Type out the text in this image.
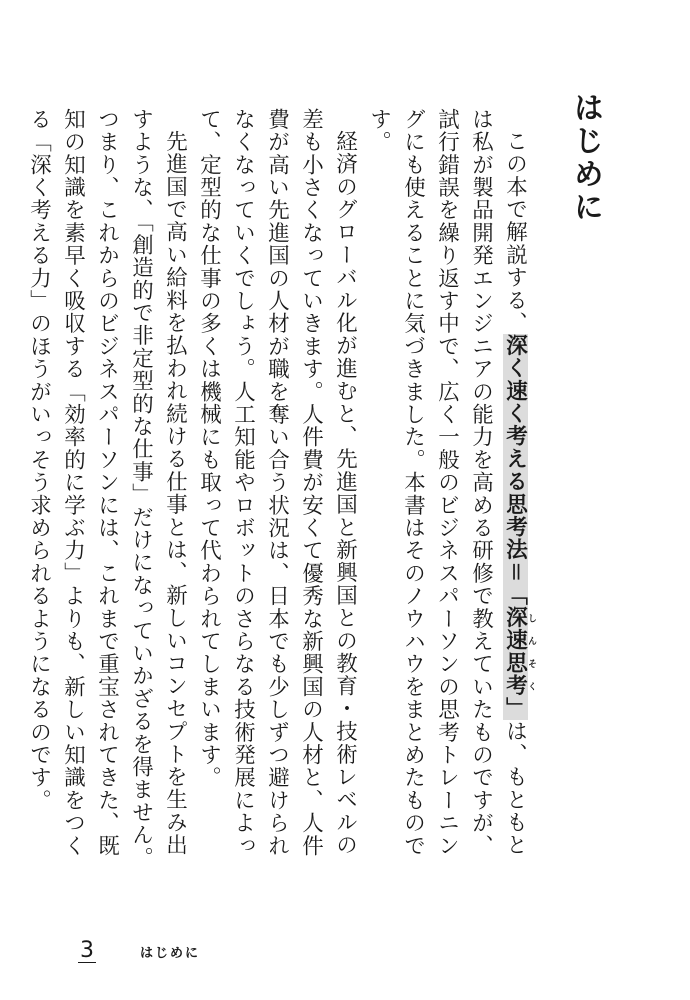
はじめに

この本で解説する、深く速く考える思考法＝「深速思考しんそく」は、もともとは私が製品開発エンジニアの能力を高める研修で教えていたものですが、試行錯誤を繰り返す中で、広く一般のビジネスパーソンの思考トレーニングにも使えることに気づきました。本書はそのノウハウをまとめたものです。

経済のグローバル化が進むと、先進国と新興国との教育・技術レベルの差も小さくなっていきます。人件費が安くて優秀な新興国の人材と、人件費が高い先進国の人材が職を奪い合う状況は、日本でも少しずつ避けられなくなっていくでしょう。人工知能やロボットのさらなる技術発展によって、定型的な仕事の多くは機械にも取って代わられてしまいます。

先進国で高い給料を払われ続ける仕事とは、新しいコンセプトを生み出すような、「創造的で非定型的な仕事」だけになっていかざるを得ません。つまり、これからのビジネスパーソンには、これまで重宝されてきた、既知の知識を素早く吸収する「効率的に学ぶ力」よりも、新しい知識をつくる「深く考える力」のほうがいっそう求められるようになるのです。

3	はじめに
